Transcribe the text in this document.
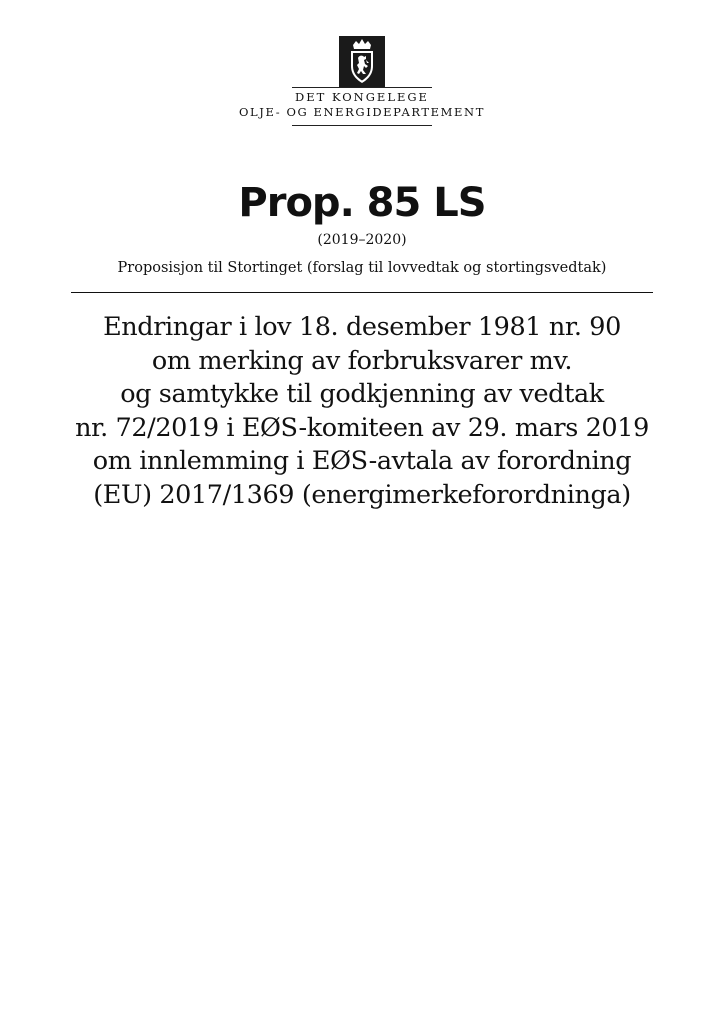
DET KONGELEGE
OLJE- OG ENERGIDEPARTEMENT
Prop. 85 LS
(2019–2020)
Proposisjon til Stortinget (forslag til lovvedtak og stortingsvedtak)
Endringar i lov 18. desember 1981 nr. 90
om merking av forbruksvarer mv.
og samtykke til godkjenning av vedtak
nr. 72/2019 i EØS-komiteen av 29. mars 2019
om innlemming i EØS-avtala av forordning
(EU) 2017/1369 (energimerkeforordninga)
